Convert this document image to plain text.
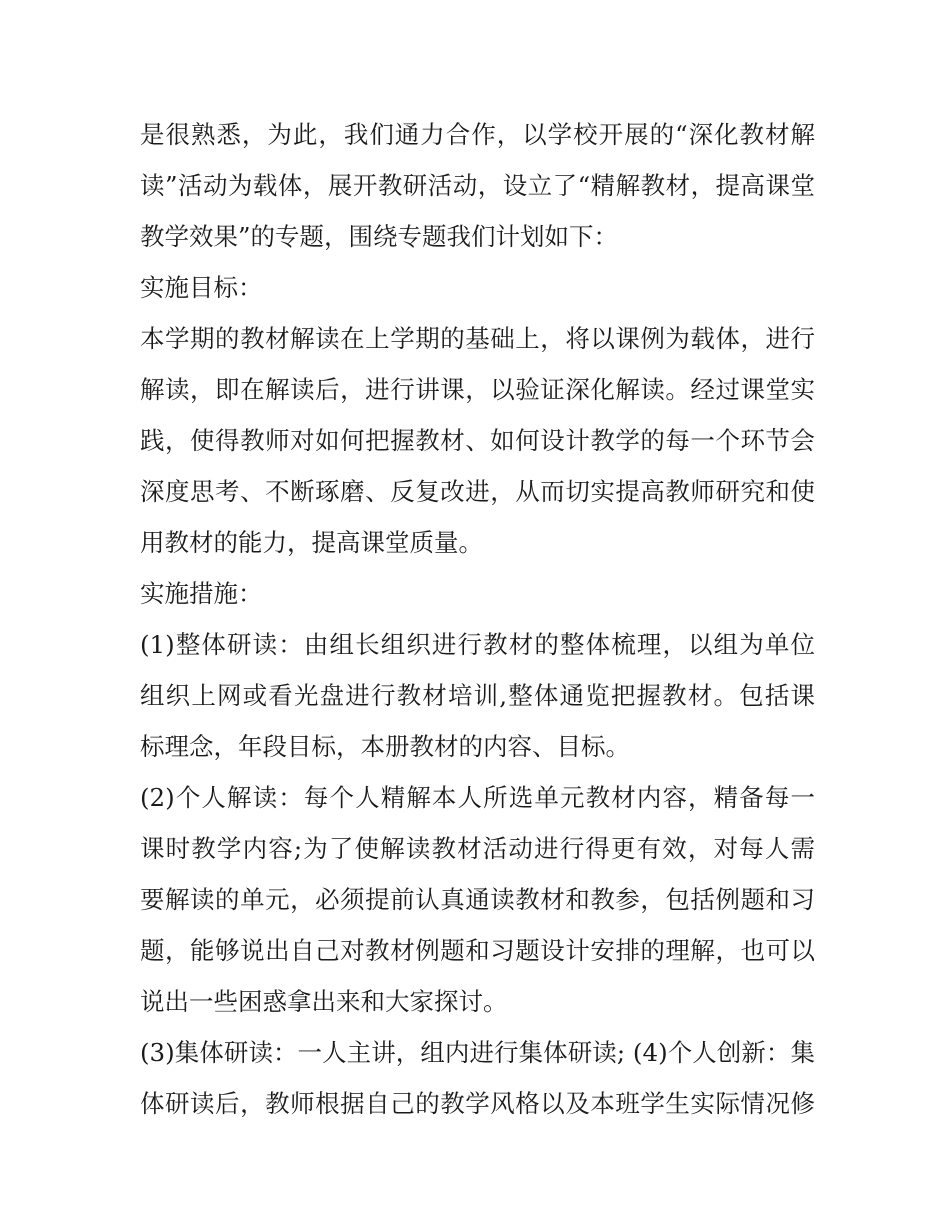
是很熟悉，为此，我们通力合作，以学校开展的“深化教材解
读”活动为载体，展开教研活动，设立了“精解教材，提高课堂
教学效果”的专题，围绕专题我们计划如下：
实施目标：
本学期的教材解读在上学期的基础上，将以课例为载体，进行
解读，即在解读后，进行讲课，以验证深化解读。经过课堂实
践，使得教师对如何把握教材、如何设计教学的每一个环节会
深度思考、不断琢磨、反复改进，从而切实提高教师研究和使
用教材的能力，提高课堂质量。
实施措施：
(1)整体研读：由组长组织进行教材的整体梳理，以组为单位
组织上网或看光盘进行教材培训,整体通览把握教材。包括课
标理念，年段目标，本册教材的内容、目标。
(2)个人解读：每个人精解本人所选单元教材内容，精备每一
课时教学内容;为了使解读教材活动进行得更有效，对每人需
要解读的单元，必须提前认真通读教材和教参，包括例题和习
题，能够说出自己对教材例题和习题设计安排的理解，也可以
说出一些困惑拿出来和大家探讨。
(3)集体研读：一人主讲，组内进行集体研读; (4)个人创新：集
体研读后，教师根据自己的教学风格以及本班学生实际情况修
